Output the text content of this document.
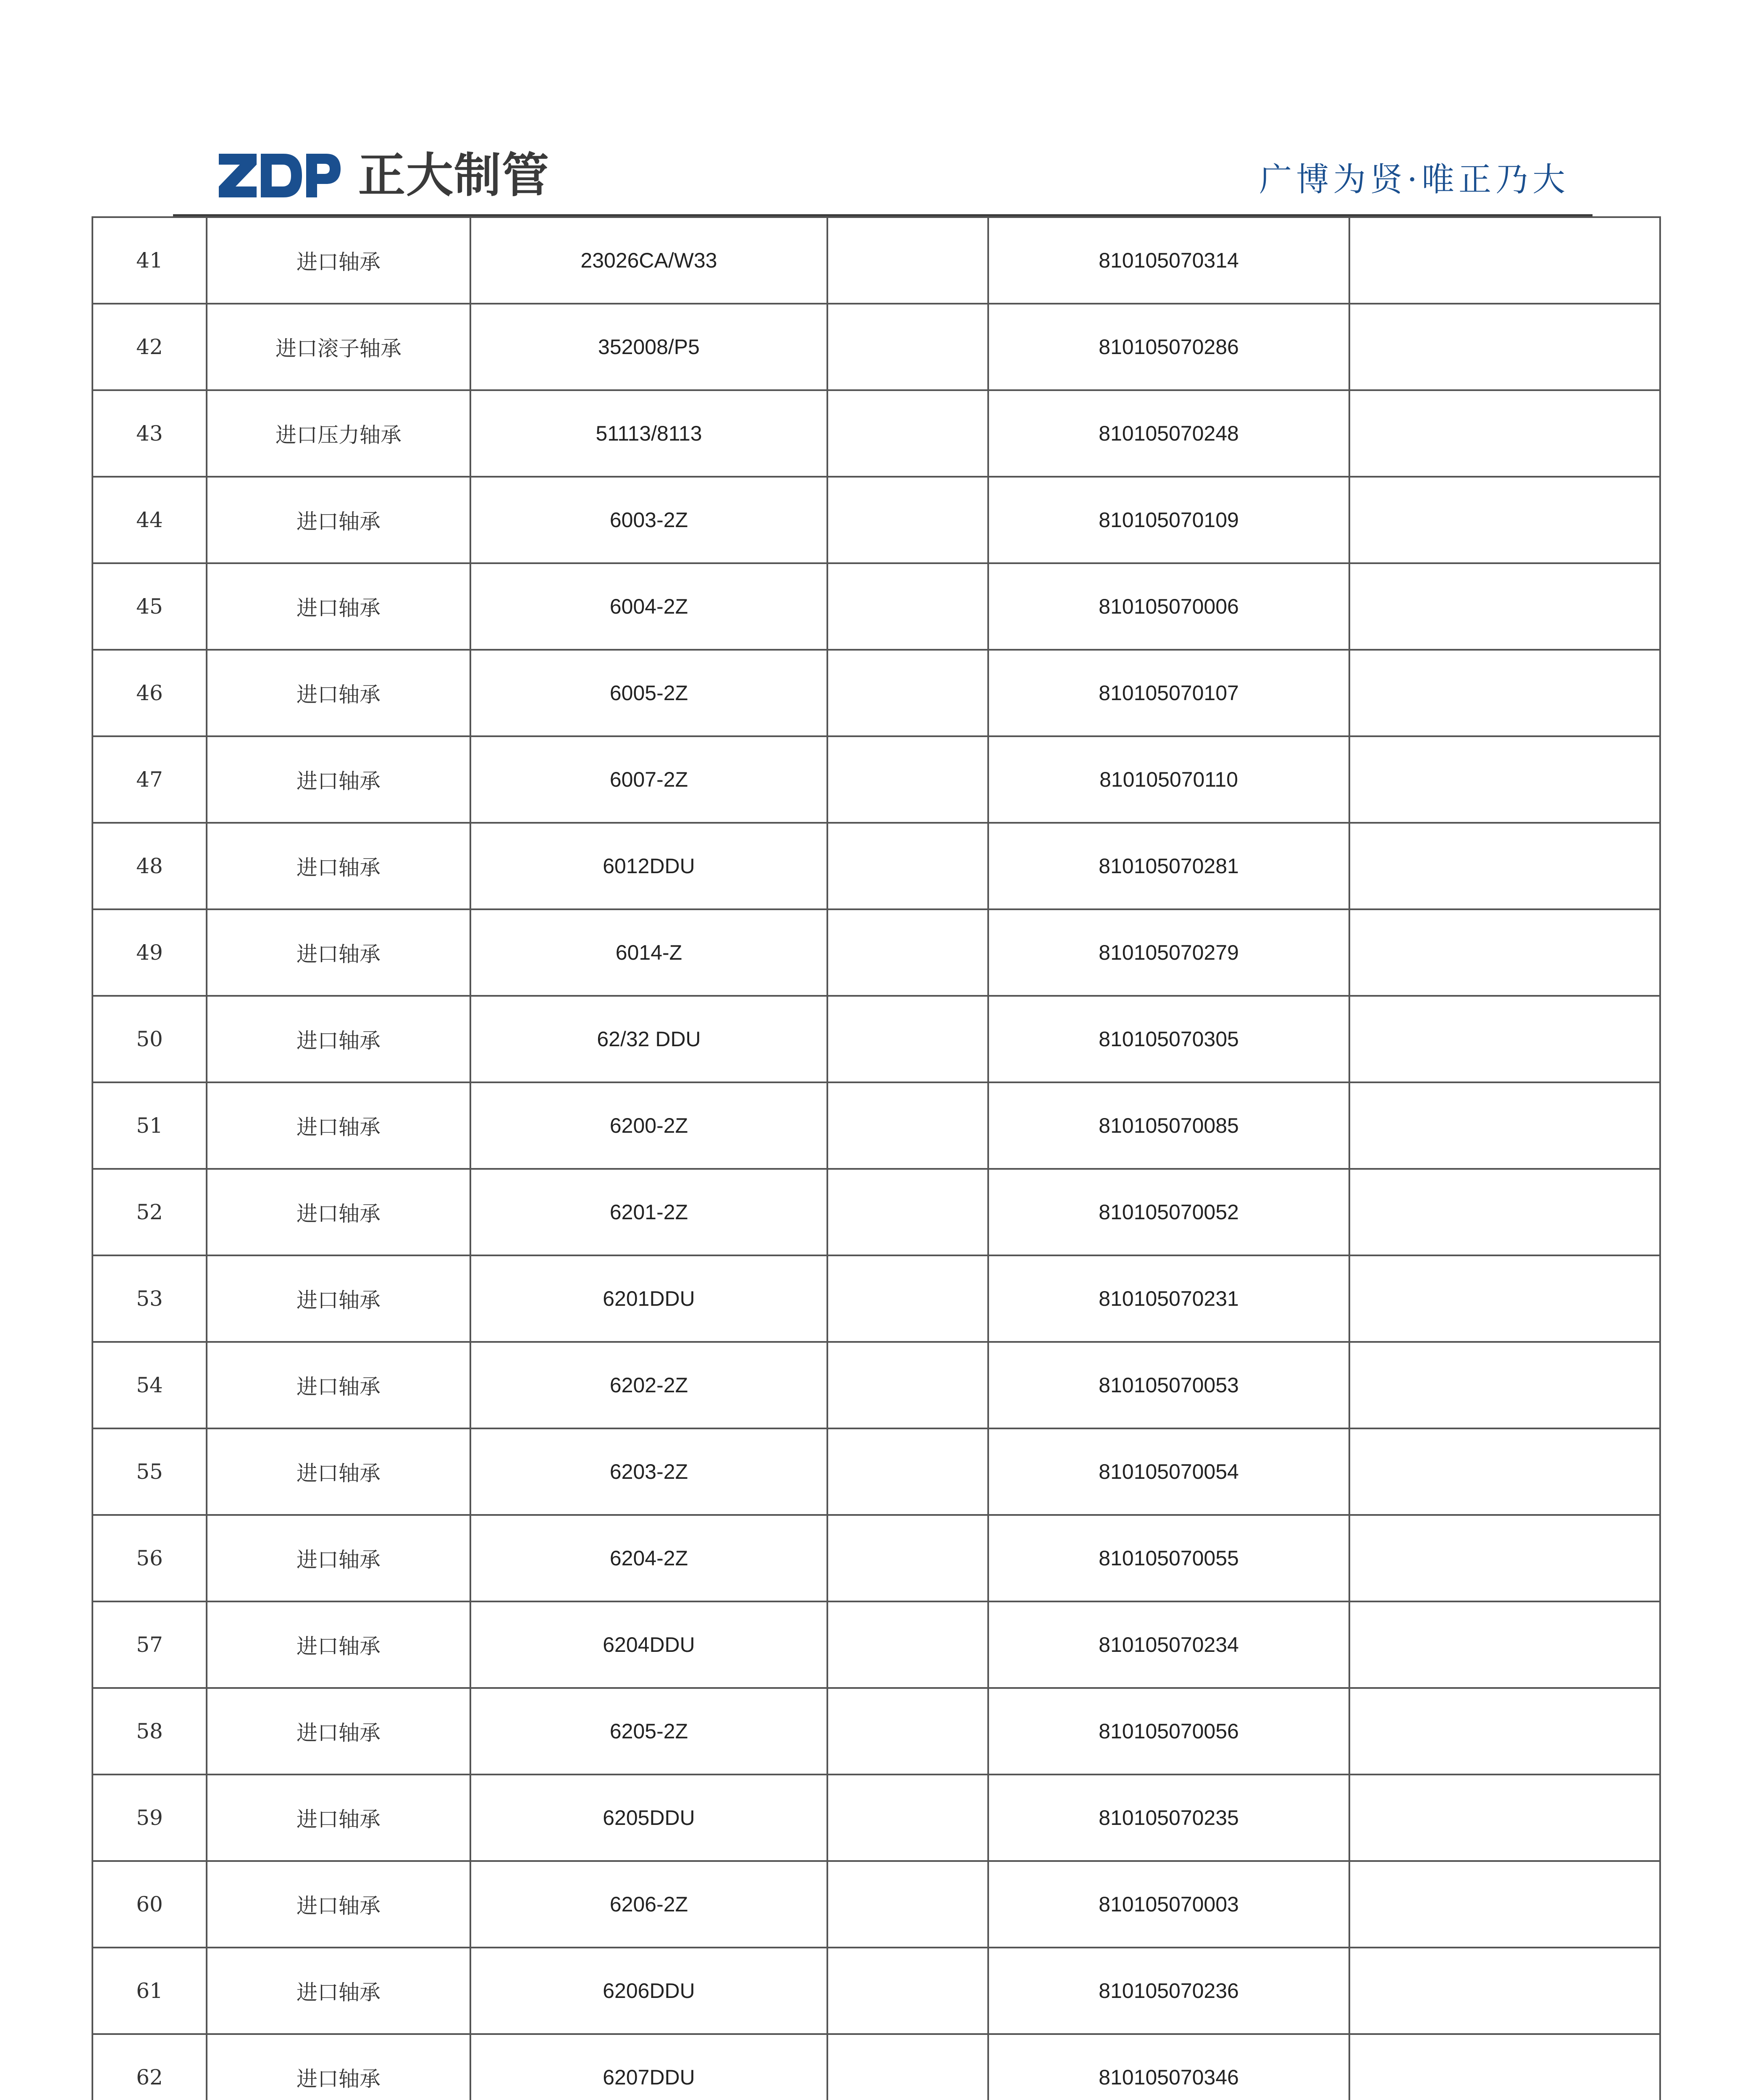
正大制管	广博为贤·唯正乃大
41	进口轴承	23026CA/W33		810105070314	
42	进口滚子轴承	352008/P5		810105070286	
43	进口压力轴承	51113/8113		810105070248	
44	进口轴承	6003-2Z		810105070109	
45	进口轴承	6004-2Z		810105070006	
46	进口轴承	6005-2Z		810105070107	
47	进口轴承	6007-2Z		810105070110	
48	进口轴承	6012DDU		810105070281	
49	进口轴承	6014-Z		810105070279	
50	进口轴承	62/32 DDU		810105070305	
51	进口轴承	6200-2Z		810105070085	
52	进口轴承	6201-2Z		810105070052	
53	进口轴承	6201DDU		810105070231	
54	进口轴承	6202-2Z		810105070053	
55	进口轴承	6203-2Z		810105070054	
56	进口轴承	6204-2Z		810105070055	
57	进口轴承	6204DDU		810105070234	
58	进口轴承	6205-2Z		810105070056	
59	进口轴承	6205DDU		810105070235	
60	进口轴承	6206-2Z		810105070003	
61	进口轴承	6206DDU		810105070236	
62	进口轴承	6207DDU		810105070346	
